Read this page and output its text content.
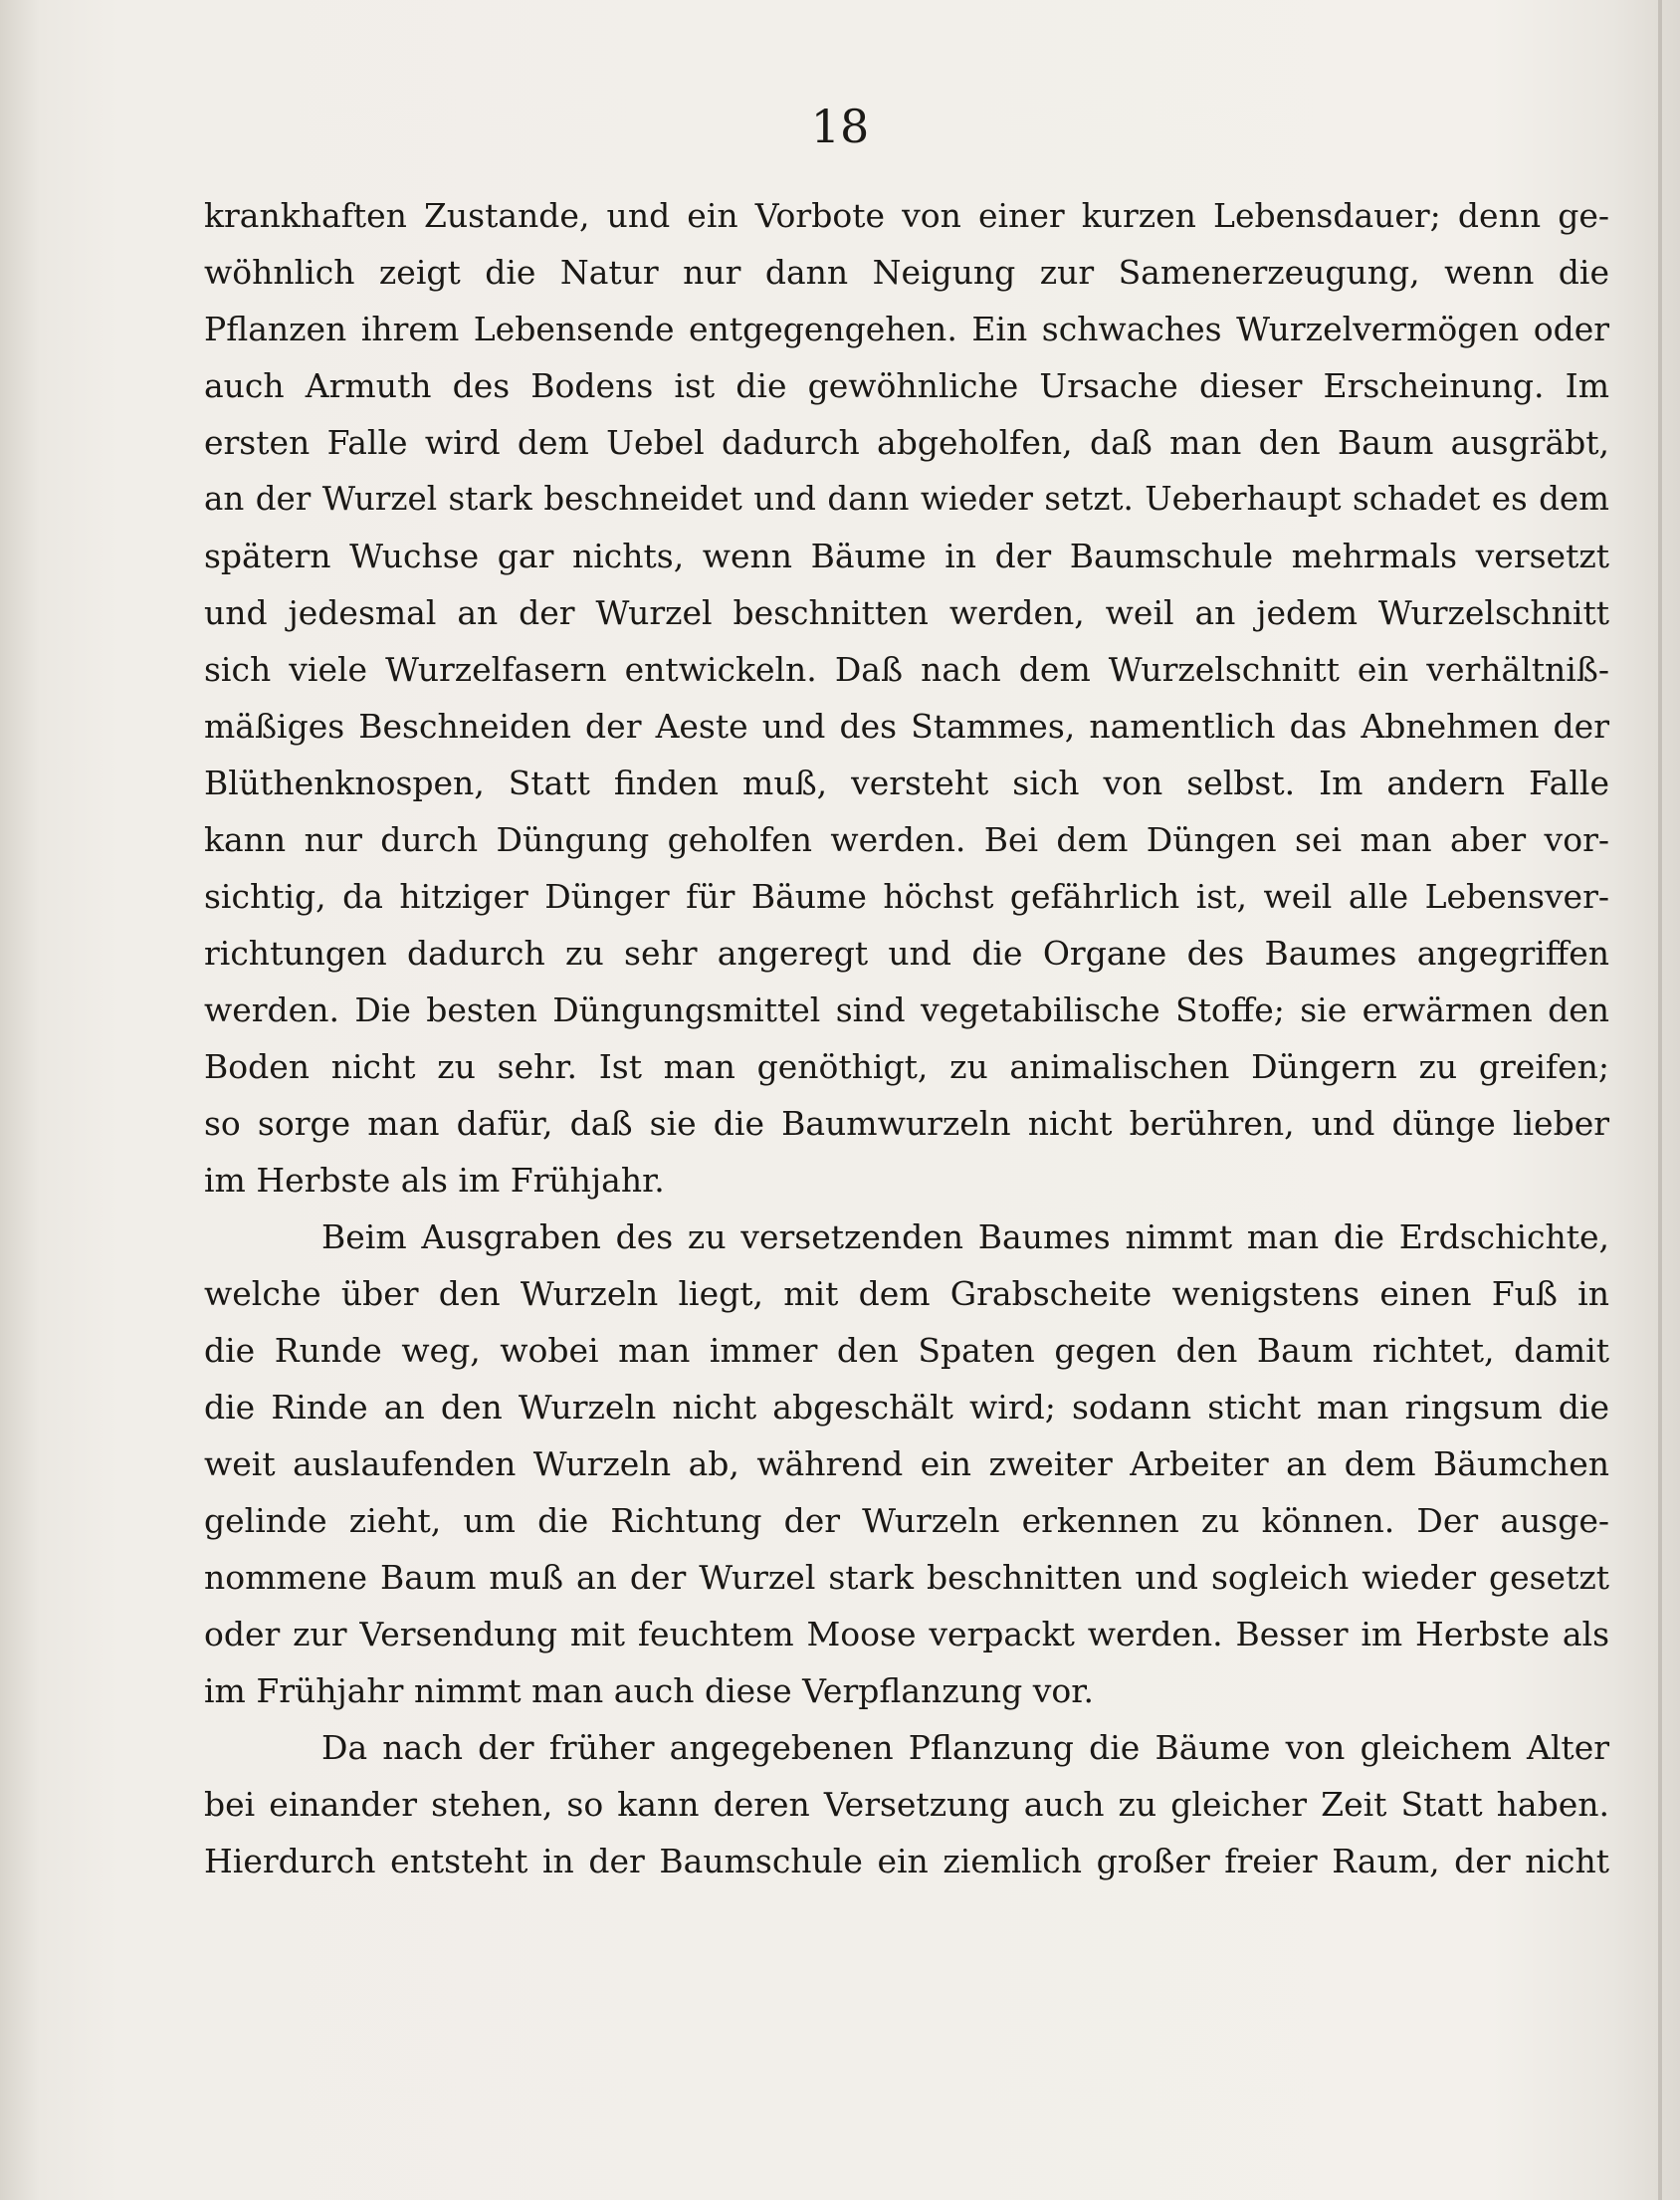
18
krankhaften Zustande, und ein Vorbote von einer kurzen Lebensdauer; denn ge-
wöhnlich zeigt die Natur nur dann Neigung zur Samenerzeugung, wenn die
Pflanzen ihrem Lebensende entgegengehen. Ein schwaches Wurzelvermögen oder
auch Armuth des Bodens ist die gewöhnliche Ursache dieser Erscheinung. Im
ersten Falle wird dem Uebel dadurch abgeholfen, daß man den Baum ausgräbt,
an der Wurzel stark beschneidet und dann wieder setzt. Ueberhaupt schadet es dem
spätern Wuchse gar nichts, wenn Bäume in der Baumschule mehrmals versetzt
und jedesmal an der Wurzel beschnitten werden, weil an jedem Wurzelschnitt
sich viele Wurzelfasern entwickeln. Daß nach dem Wurzelschnitt ein verhältniß-
mäßiges Beschneiden der Aeste und des Stammes, namentlich das Abnehmen der
Blüthenknospen, Statt finden muß, versteht sich von selbst. Im andern Falle
kann nur durch Düngung geholfen werden. Bei dem Düngen sei man aber vor-
sichtig, da hitziger Dünger für Bäume höchst gefährlich ist, weil alle Lebensver-
richtungen dadurch zu sehr angeregt und die Organe des Baumes angegriffen
werden. Die besten Düngungsmittel sind vegetabilische Stoffe; sie erwärmen den
Boden nicht zu sehr. Ist man genöthigt, zu animalischen Düngern zu greifen;
so sorge man dafür, daß sie die Baumwurzeln nicht berühren, und dünge lieber
im Herbste als im Frühjahr.
Beim Ausgraben des zu versetzenden Baumes nimmt man die Erdschichte,
welche über den Wurzeln liegt, mit dem Grabscheite wenigstens einen Fuß in
die Runde weg, wobei man immer den Spaten gegen den Baum richtet, damit
die Rinde an den Wurzeln nicht abgeschält wird; sodann sticht man ringsum die
weit auslaufenden Wurzeln ab, während ein zweiter Arbeiter an dem Bäumchen
gelinde zieht, um die Richtung der Wurzeln erkennen zu können. Der ausge-
nommene Baum muß an der Wurzel stark beschnitten und sogleich wieder gesetzt
oder zur Versendung mit feuchtem Moose verpackt werden. Besser im Herbste als
im Frühjahr nimmt man auch diese Verpflanzung vor.
Da nach der früher angegebenen Pflanzung die Bäume von gleichem Alter
bei einander stehen, so kann deren Versetzung auch zu gleicher Zeit Statt haben.
Hierdurch entsteht in der Baumschule ein ziemlich großer freier Raum, der nicht
